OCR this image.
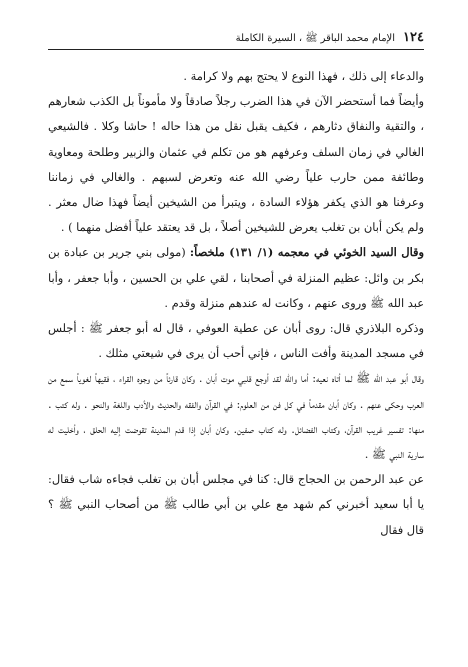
١٢٤
الإمام محمد الباقر ﷺ ، السيرة الكاملة

والدعاء إلى ذلك ، فهذا النوع لا يحتج بهم ولا كرامة .

وأيضاً فما أستحضر الآن في هذا الضرب رجلاً صادقاً ولا مأموناً بل الكذب شعارهم ، والتقية والنفاق دثارهم ، فكيف يقبل نقل من هذا حاله ! حاشا وكلا . فالشيعي الغالي في زمان السلف وعرفهم هو من تكلم في عثمان والزبير وطلحة ومعاوية وطائفة ممن حارب علياً رضي الله عنه وتعرض لسبهم . والغالي في زماننا وعرفنا هو الذي يكفر هؤلاء السادة ، ويتبرأ من الشيخين أيضاً فهذا ضال معثر . ولم يكن أبان بن تغلب يعرض للشيخين أصلاً ، بل قد يعتقد علياً أفضل منهما ) .

وقال السيد الخوئي في معجمه (١/ ١٣١) ملخصاً: (مولى بني جرير بن عبادة بن بكر بن وائل: عظيم المنزلة في أصحابنا ، لقي علي بن الحسين ، وأبا جعفر ، وأبا عبد الله ﷺ وروى عنهم ، وكانت له عندهم منزلة وقدم .

وذكره البلاذري قال: روى أبان عن عطية العوفي ، قال له أبو جعفر ﷺ : أجلس في مسجد المدينة وأفت الناس ، فإني أحب أن يرى في شيعتي مثلك .

وقال أبو عبد الله ﷺ لما أتاه نعيه: أما والله لقد أوجع قلبي موت أبان . وكان قارئاً من وجوه القراء ، فقيهاً لغوياً سمع من العرب وحكى عنهم . وكان أبان مقدماً في كل فن من العلوم: في القرآن والفقه والحديث والأدب واللغة والنحو . وله كتب . منها: تفسير غريب القرآن، وكتاب الفضائل. وله كتاب صفين. وكان أبان إذا قدم المدينة تقوضت إليه الحلق ، وأخليت له سارية النبي ﷺ .

عن عبد الرحمن بن الحجاج قال: كنا في مجلس أبان بن تغلب فجاءه شاب فقال: يا أبا سعيد أخبرني كم شهد مع علي بن أبي طالب ﷺ من أصحاب النبي ﷺ ؟ قال فقال
